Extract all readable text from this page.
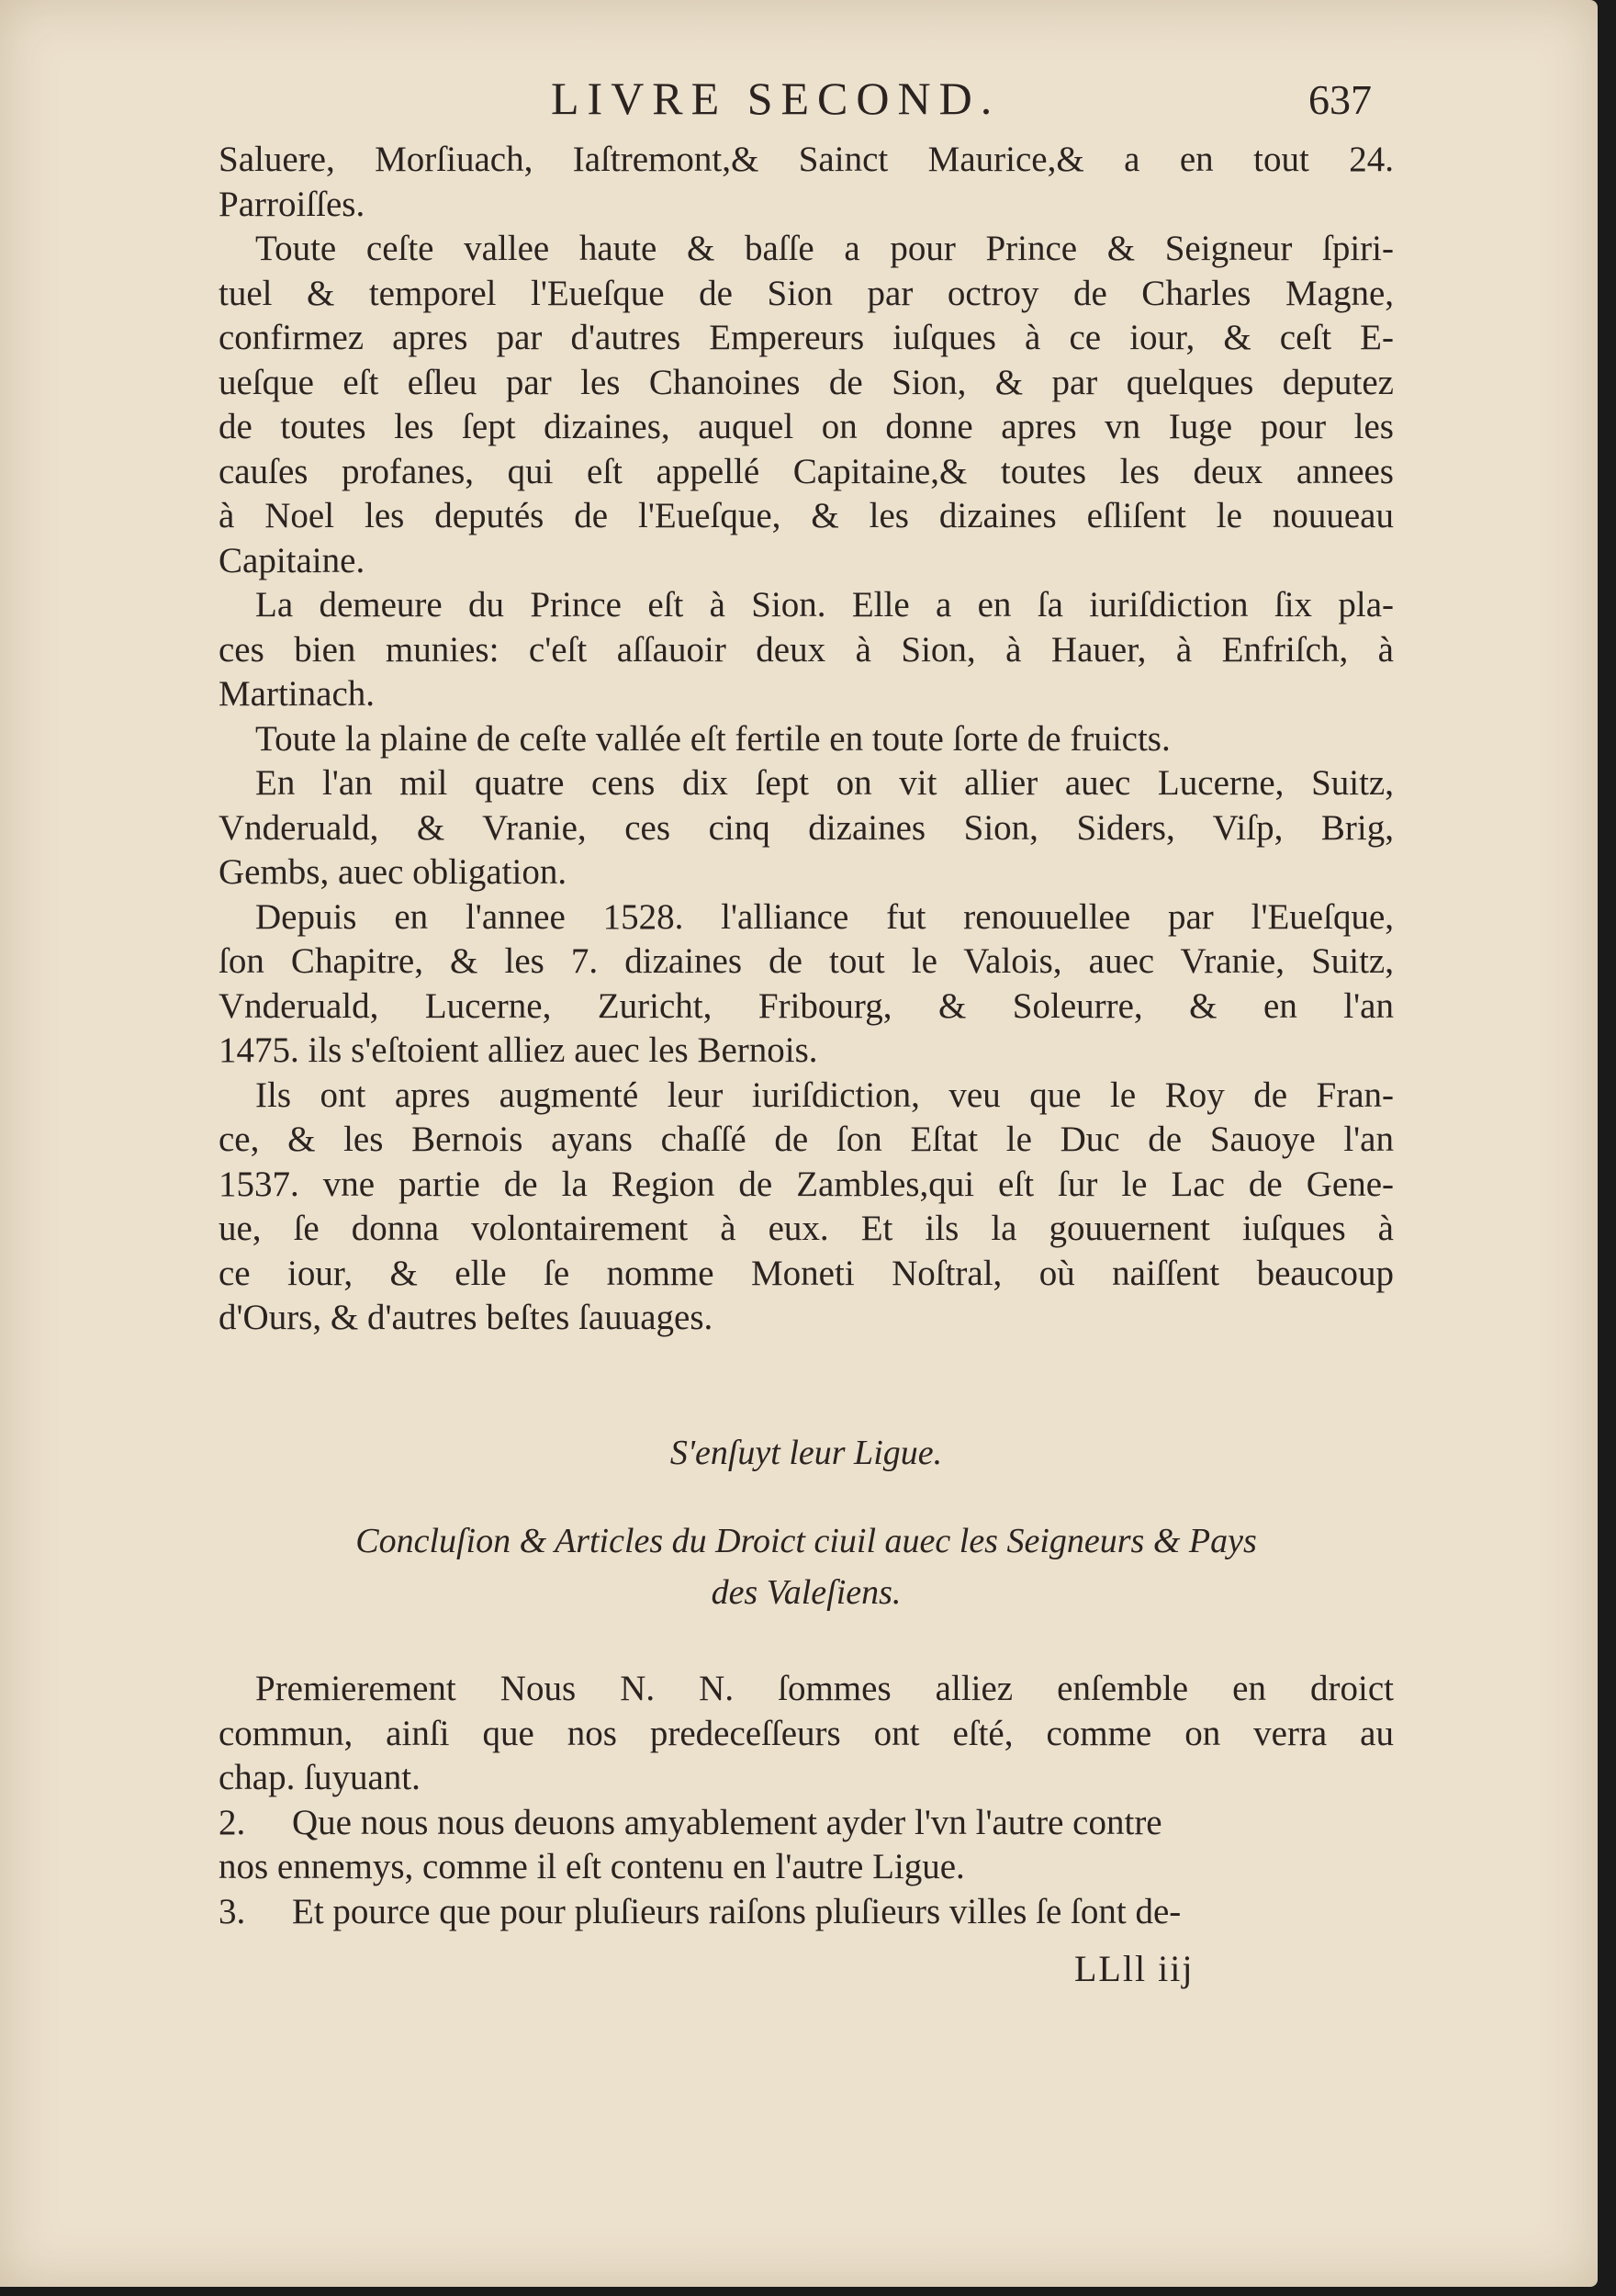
LIVRE SECOND.	637
Saluere, Morſiuach, Iaſtremont,& Sainct Maurice,& a en tout 24.
Parroiſſes.
Toute ceſte vallee haute & baſſe a pour Prince & Seigneur ſpiri-
tuel & temporel l'Eueſque de Sion par octroy de Charles Magne,
confirmez apres par d'autres Empereurs iuſques à ce iour, & ceſt E-
ueſque eſt eſleu par les Chanoines de Sion, & par quelques deputez
de toutes les ſept dizaines, auquel on donne apres vn Iuge pour les
cauſes profanes, qui eſt appellé Capitaine,& toutes les deux annees
à Noel les deputés de l'Eueſque, & les dizaines eſliſent le nouueau
Capitaine.
La demeure du Prince eſt à Sion. Elle a en ſa iuriſdiction ſix pla-
ces bien munies: c'eſt aſſauoir deux à Sion, à Hauer, à Enfriſch, à
Martinach.
Toute la plaine de ceſte vallée eſt fertile en toute ſorte de fruicts.
En l'an mil quatre cens dix ſept on vit allier auec Lucerne, Suitz,
Vnderuald, & Vranie, ces cinq dizaines Sion, Siders, Viſp, Brig,
Gembs, auec obligation.
Depuis en l'annee 1528. l'alliance fut renouuellee par l'Eueſque,
ſon Chapitre, & les 7. dizaines de tout le Valois, auec Vranie, Suitz,
Vnderuald, Lucerne, Zuricht, Fribourg, & Soleurre, & en l'an
1475. ils s'eſtoient alliez auec les Bernois.
Ils ont apres augmenté leur iuriſdiction, veu que le Roy de Fran-
ce, & les Bernois ayans chaſſé de ſon Eſtat le Duc de Sauoye l'an
1537. vne partie de la Region de Zambles,qui eſt ſur le Lac de Gene-
ue, ſe donna volontairement à eux. Et ils la gouuernent iuſques à
ce iour, & elle ſe nomme Moneti Noſtral, où naiſſent beaucoup
d'Ours, & d'autres beſtes ſauuages.
S'enſuyt leur Ligue.
Concluſion & Articles du Droict ciuil auec les Seigneurs & Pays
des Valeſiens.
Premierement Nous N. N. ſommes alliez enſemble en droict
commun, ainſi que nos predeceſſeurs ont eſté, comme on verra au
chap. ſuyuant.
2. Que nous nous deuons amyablement ayder l'vn l'autre contre
nos ennemys, comme il eſt contenu en l'autre Ligue.
3. Et pource que pour pluſieurs raiſons pluſieurs villes ſe ſont de-
LLll iij
